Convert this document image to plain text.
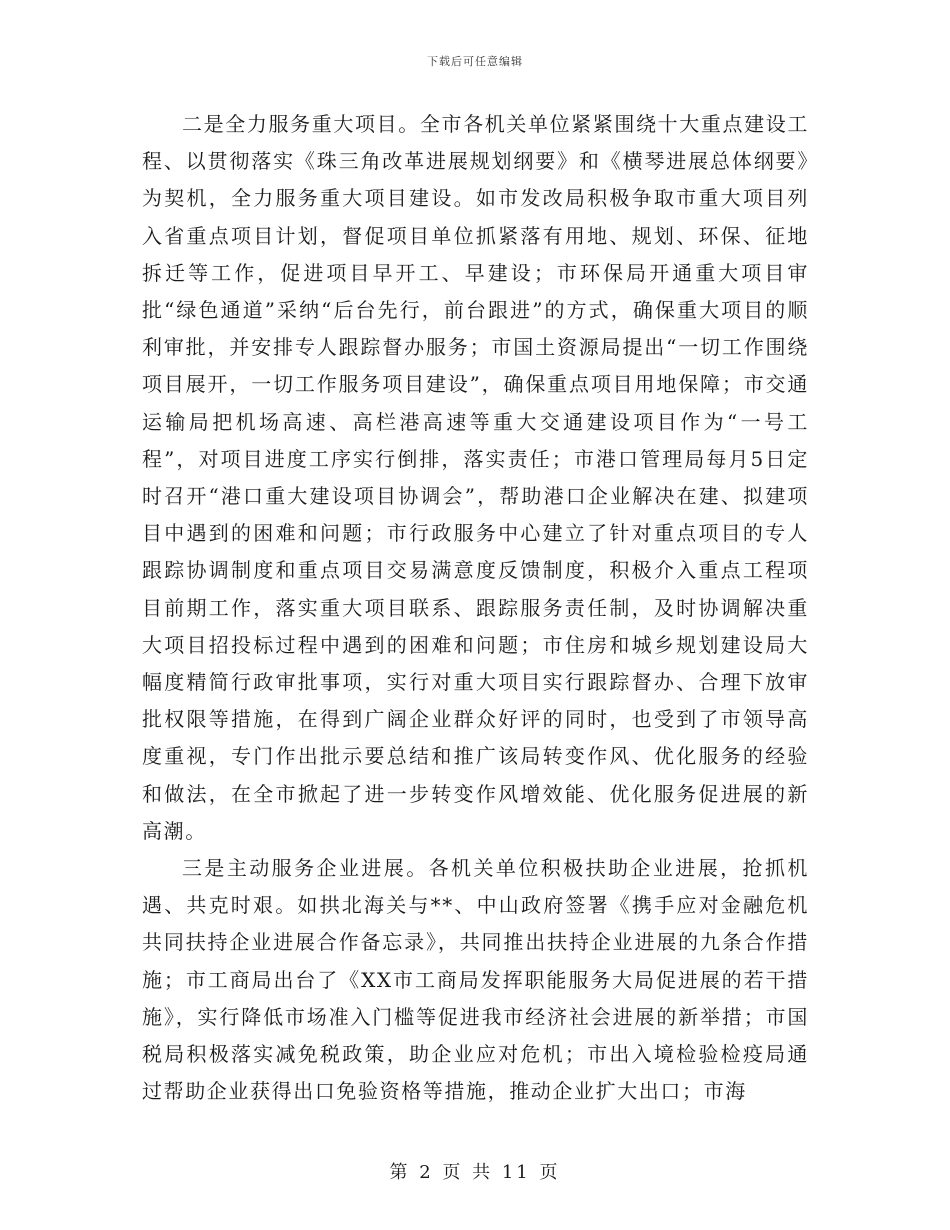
下载后可任意编辑

二是全力服务重大项目。全市各机关单位紧紧围绕十大重点建设工程、以贯彻落实《珠三角改革进展规划纲要》和《横琴进展总体纲要》为契机，全力服务重大项目建设。如市发改局积极争取市重大项目列入省重点项目计划，督促项目单位抓紧落有用地、规划、环保、征地拆迁等工作，促进项目早开工、早建设；市环保局开通重大项目审批“绿色通道”采纳“后台先行，前台跟进”的方式，确保重大项目的顺利审批，并安排专人跟踪督办服务；市国土资源局提出“一切工作围绕项目展开，一切工作服务项目建设”，确保重点项目用地保障；市交通运输局把机场高速、高栏港高速等重大交通建设项目作为“一号工程”，对项目进度工序实行倒排，落实责任；市港口管理局每月5日定时召开“港口重大建设项目协调会”，帮助港口企业解决在建、拟建项目中遇到的困难和问题；市行政服务中心建立了针对重点项目的专人跟踪协调制度和重点项目交易满意度反馈制度，积极介入重点工程项目前期工作，落实重大项目联系、跟踪服务责任制，及时协调解决重大项目招投标过程中遇到的困难和问题；市住房和城乡规划建设局大幅度精简行政审批事项，实行对重大项目实行跟踪督办、合理下放审批权限等措施，在得到广阔企业群众好评的同时，也受到了市领导高度重视，专门作出批示要总结和推广该局转变作风、优化服务的经验和做法，在全市掀起了进一步转变作风增效能、优化服务促进展的新高潮。

三是主动服务企业进展。各机关单位积极扶助企业进展，抢抓机遇、共克时艰。如拱北海关与**、中山政府签署《携手应对金融危机共同扶持企业进展合作备忘录》，共同推出扶持企业进展的九条合作措施；市工商局出台了《XX市工商局发挥职能服务大局促进展的若干措施》，实行降低市场准入门槛等促进我市经济社会进展的新举措；市国税局积极落实减免税政策，助企业应对危机；市出入境检验检疫局通过帮助企业获得出口免验资格等措施，推动企业扩大出口；市海

第 2 页 共 11 页
